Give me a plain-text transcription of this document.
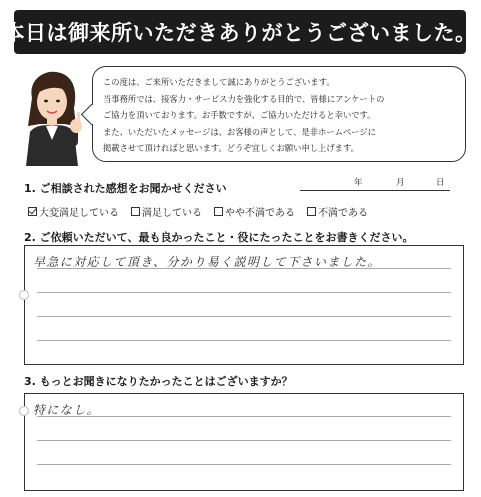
本日は御来所いただきありがとうございました。

この度は、ご来所いただきまして誠にありがとうございます。

当事務所では、接客力・サービス力を強化する目的で、皆様にアンケートの

ご協力を頂いております。お手数ですが、ご協力いただけると幸いです。

また、いただいたメッセージは、お客様の声として、是非ホームページに

掲載させて頂ければと思います。どうぞ宜しくお願い申し上げます。

1. ご相談された感想をお聞かせください	年	月	日
大変満足している 満足している やや不満である 不満である
2. ご依頼いただいて、最も良かったこと・役にたったことをお書きください。
早急に対応して頂き、分かり易く説明して下さいました。
3. もっとお聞きになりたかったことはございますか？
特になし。
